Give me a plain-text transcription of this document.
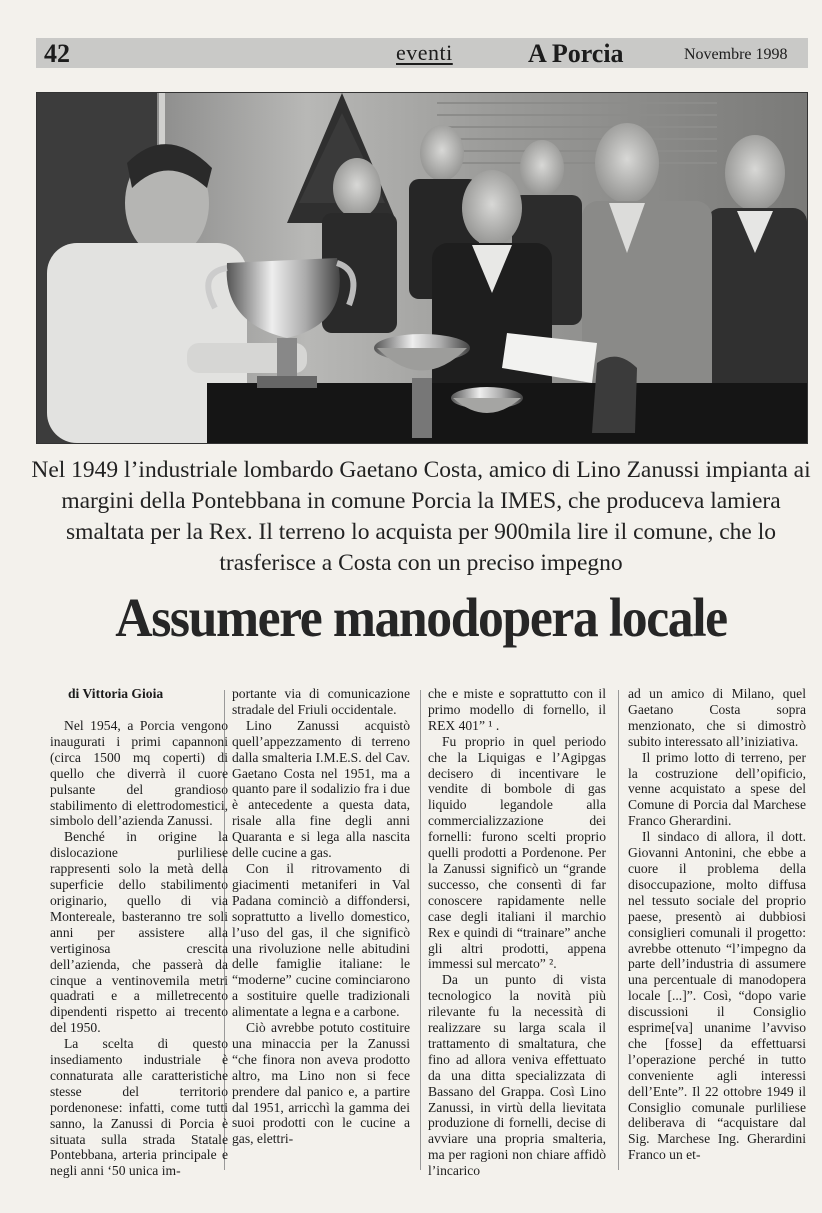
42	eventi	A Porcia	Novembre 1998
Nel 1949 l’industriale lombardo Gaetano Costa, amico di Lino Zanussi impianta ai margini della Pontebbana in comune Porcia la IMES, che produceva lamiera smaltata per la Rex. Il terreno lo acquista per 900mila lire il comune, che lo trasferisce a Costa con un preciso impegno
Assumere manodopera locale
di Vittoria Gioia

Nel 1954, a Porcia vengono inaugurati i primi capannoni (circa 1500 mq coperti) di quello che diverrà il cuore pulsante del grandioso stabilimento di elettrodomestici, simbolo dell’azienda Zanussi.

Benché in origine la dislocazione purliliese rappresenti solo la metà della superficie dello stabilimento originario, quello di via Montereale, basteranno tre soli anni per assistere alla vertiginosa crescita dell’azienda, che passerà da cinque a ventinovemila metri quadrati e a milletrecento dipendenti rispetto ai trecento del 1950.

La scelta di questo insediamento industriale è connaturata alle caratteristiche stesse del territorio pordenonese: infatti, come tutti sanno, la Zanussi di Porcia è situata sulla strada Statale Pontebbana, arteria principale e negli anni ‘50 unica im-

portante via di comunicazione stradale del Friuli occidentale.

Lino Zanussi acquistò quell’appezzamento di terreno dalla smalteria I.M.E.S. del Cav. Gaetano Costa nel 1951, ma a quanto pare il sodalizio fra i due è antecedente a questa data, risale alla fine degli anni Quaranta e si lega alla nascita delle cucine a gas.

Con il ritrovamento di giacimenti metaniferi in Val Padana cominciò a diffondersi, soprattutto a livello domestico, l’uso del gas, il che significò una rivoluzione nelle abitudini delle famiglie italiane: le “moderne” cucine cominciarono a sostituire quelle tradizionali alimentate a legna e a carbone.

Ciò avrebbe potuto costituire una minaccia per la Zanussi “che finora non aveva prodotto altro, ma Lino non si fece prendere dal panico e, a partire dal 1951, arricchì la gamma dei suoi prodotti con le cucine a gas, elettri-

che e miste e soprattutto con il primo modello di fornello, il REX 401” ¹ .

Fu proprio in quel periodo che la Liquigas e l’Agipgas decisero di incentivare le vendite di bombole di gas liquido legandole alla commercializzazione dei fornelli: furono scelti proprio quelli prodotti a Pordenone. Per la Zanussi significò un “grande successo, che consentì di far conoscere rapidamente nelle case degli italiani il marchio Rex e quindi di “trainare” anche gli altri prodotti, appena immessi sul mercato” ².

Da un punto di vista tecnologico la novità più rilevante fu la necessità di realizzare su larga scala il trattamento di smaltatura, che fino ad allora veniva effettuato da una ditta specializzata di Bassano del Grappa. Così Lino Zanussi, in virtù della lievitata produzione di fornelli, decise di avviare una propria smalteria, ma per ragioni non chiare affidò l’incarico

ad un amico di Milano, quel Gaetano Costa sopra menzionato, che si dimostrò subito interessato all’iniziativa.

Il primo lotto di terreno, per la costruzione dell’opificio, venne acquistato a spese del Comune di Porcia dal Marchese Franco Gherardini.

Il sindaco di allora, il dott. Giovanni Antonini, che ebbe a cuore il problema della disoccupazione, molto diffusa nel tessuto sociale del proprio paese, presentò ai dubbiosi consiglieri comunali il progetto: avrebbe ottenuto “l’impegno da parte dell’industria di assumere una percentuale di manodopera locale [...]”. Così, “dopo varie discussioni il Consiglio esprime[va] unanime l’avviso che [fosse] da effettuarsi l’operazione perché in tutto conveniente agli interessi dell’Ente”. Il 22 ottobre 1949 il Consiglio comunale purliliese deliberava di “acquistare dal Sig. Marchese Ing. Gherardini Franco un et-
